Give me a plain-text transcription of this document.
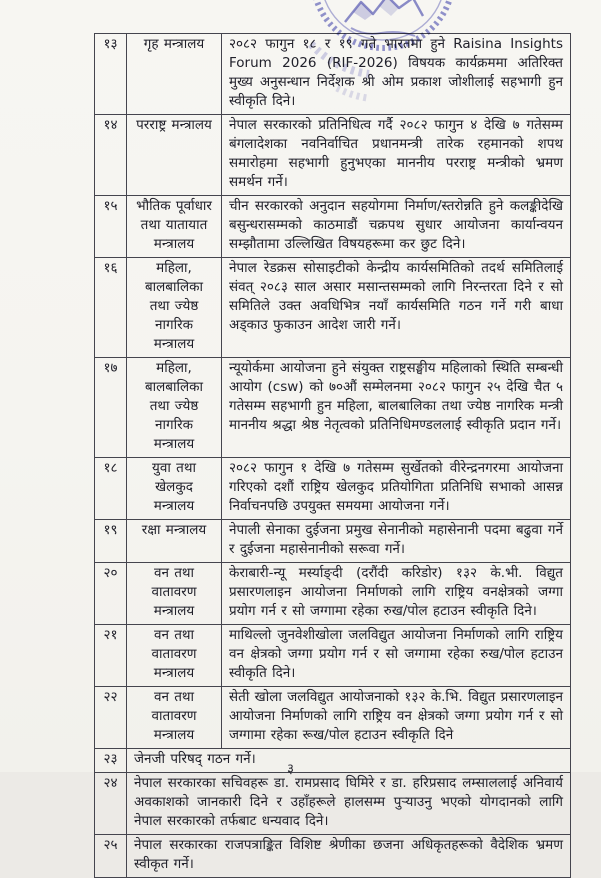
१३	गृह मन्त्रालय	२०८२ फागुन १८ र १९ गते भारतमा हुने Raisina Insights Forum 2026 (RIF-2026) विषयक कार्यक्रममा अतिरिक्त मुख्य अनुसन्धान निर्देशक श्री ओम प्रकाश जोशीलाई सहभागी हुन स्वीकृति दिने।
१४	परराष्ट्र मन्त्रालय	नेपाल सरकारको प्रतिनिधित्व गर्दै २०८२ फागुन ४ देखि ७ गतेसम्म बंगलादेशका नवनिर्वाचित प्रधानमन्त्री तारेक रहमानको शपथ समारोहमा सहभागी हुनुभएका माननीय परराष्ट्र मन्त्रीको भ्रमण समर्थन गर्ने।
१५	भौतिक पूर्वाधार तथा यातायात मन्त्रालय	चीन सरकारको अनुदान सहयोगमा निर्माण/स्तरोन्नति हुने कलङ्कीदेखि बसुन्धरासम्मको काठमाडौं चक्रपथ सुधार आयोजना कार्यान्वयन सम्झौतामा उल्लिखित विषयहरूमा कर छुट दिने।
१६	महिला, बालबालिका तथा ज्येष्ठ नागरिक मन्त्रालय	नेपाल रेडक्रस सोसाइटीको केन्द्रीय कार्यसमितिको तदर्थ समितिलाई संवत् २०८३ साल असार मसान्तसम्मको लागि निरन्तरता दिने र सो समितिले उक्त अवधिभित्र नयाँ कार्यसमिति गठन गर्ने गरी बाधा अड्काउ फुकाउन आदेश जारी गर्ने।
१७	महिला, बालबालिका तथा ज्येष्ठ नागरिक मन्त्रालय	न्यूयोर्कमा आयोजना हुने संयुक्त राष्ट्रसङ्घीय महिलाको स्थिति सम्बन्धी आयोग (csw) को ७०औं सम्मेलनमा २०८२ फागुन २५ देखि चैत ५ गतेसम्म सहभागी हुन महिला, बालबालिका तथा ज्येष्ठ नागरिक मन्त्री माननीय श्रद्धा श्रेष्ठ नेतृत्वको प्रतिनिधिमण्डललाई स्वीकृति प्रदान गर्ने।
१८	युवा तथा खेलकुद मन्त्रालय	२०८२ फागुन १ देखि ७ गतेसम्म सुर्खेतको वीरेन्द्रनगरमा आयोजना गरिएको दशौं राष्ट्रिय खेलकुद प्रतियोगिता प्रतिनिधि सभाको आसन्न निर्वाचनपछि उपयुक्त समयमा आयोजना गर्ने।
१९	रक्षा मन्त्रालय	नेपाली सेनाका दुईजना प्रमुख सेनानीको महासेनानी पदमा बढुवा गर्ने र दुईजना महासेनानीको सरूवा गर्ने।
२०	वन तथा वातावरण मन्त्रालय	केराबारी-न्यू मर्स्याङ्दी (दरौंदी करिडोर) १३२ के.भी. विद्युत प्रसारणलाइन आयोजना निर्माणको लागि राष्ट्रिय वनक्षेत्रको जग्गा प्रयोग गर्न र सो जग्गामा रहेका रुख/पोल हटाउन स्वीकृति दिने।
२१	वन तथा वातावरण मन्त्रालय	माथिल्लो जुनवेशीखोला जलविद्युत आयोजना निर्माणको लागि राष्ट्रिय वन क्षेत्रको जग्गा प्रयोग गर्न र सो जग्गामा रहेका रुख/पोल हटाउन स्वीकृति दिने।
२२	वन तथा वातावरण मन्त्रालय	सेती खोला जलविद्युत आयोजनाको १३२ के.भि. विद्युत प्रसारणलाइन आयोजना निर्माणको लागि राष्ट्रिय वन क्षेत्रको जग्गा प्रयोग गर्न र सो जग्गामा रहेका रूख/पोल हटाउन स्वीकृति दिने
२३	जेनजी परिषद् गठन गर्ने।	
२४	नेपाल सरकारका सचिवहरू डा. रामप्रसाद घिमिरे र डा. हरिप्रसाद लम्साललाई अनिवार्य अवकाशको जानकारी दिने र उहाँहरूले हालसम्म पुऱ्याउनु भएको योगदानको लागि नेपाल सरकारको तर्फबाट धन्यवाद दिने।	
२५	नेपाल सरकारका राजपत्राङ्कित विशिष्ट श्रेणीका छजना अधिकृतहरूको वैदेशिक भ्रमण स्वीकृत गर्ने।	
३
